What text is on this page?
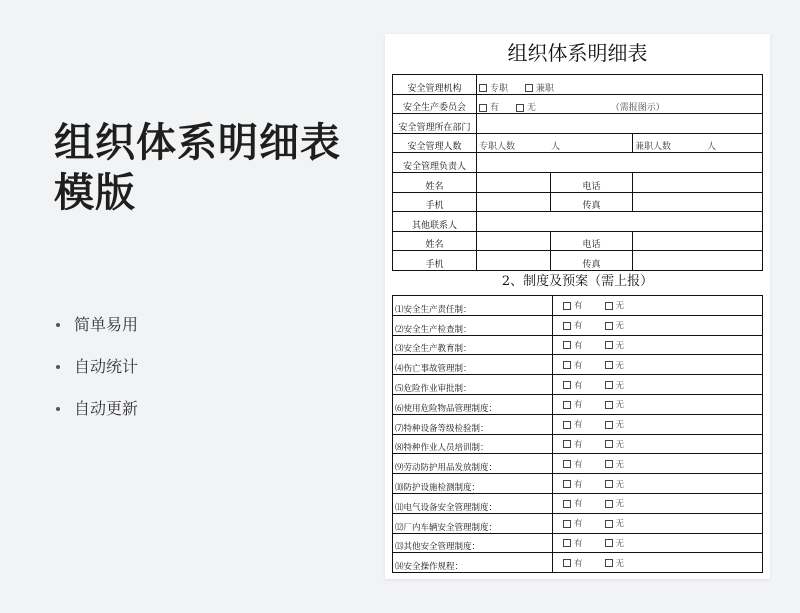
组织体系明细表
模版
简单易用
自动统计
自动更新
组织体系明细表
安全管理机构	专职 兼职		
安全生产委员会	有 无 （需报图示）		
安全管理所在部门			
安全管理人数	专职人数 人		兼职人数 人
安全管理负责人			
姓名		电话	
手机		传真	
其他联系人			
姓名		电话	
手机		传真	
2、制度及预案（需上报）
⑴安全生产责任制：	有 无
⑵安全生产检查制：	有 无
⑶安全生产教育制：	有 无
⑷伤亡事故管理制：	有 无
⑸危险作业审批制：	有 无
⑹使用危险物品管理制度：	有 无
⑺特种设备等级检验制：	有 无
⑻特种作业人员培训制：	有 无
⑼劳动防护用品发放制度：	有 无
⑽防护设施检测制度：	有 无
⑾电气设备安全管理制度：	有 无
⑿厂内车辆安全管理制度：	有 无
⒀其他安全管理制度：	有 无
⒁安全操作规程：	有 无
